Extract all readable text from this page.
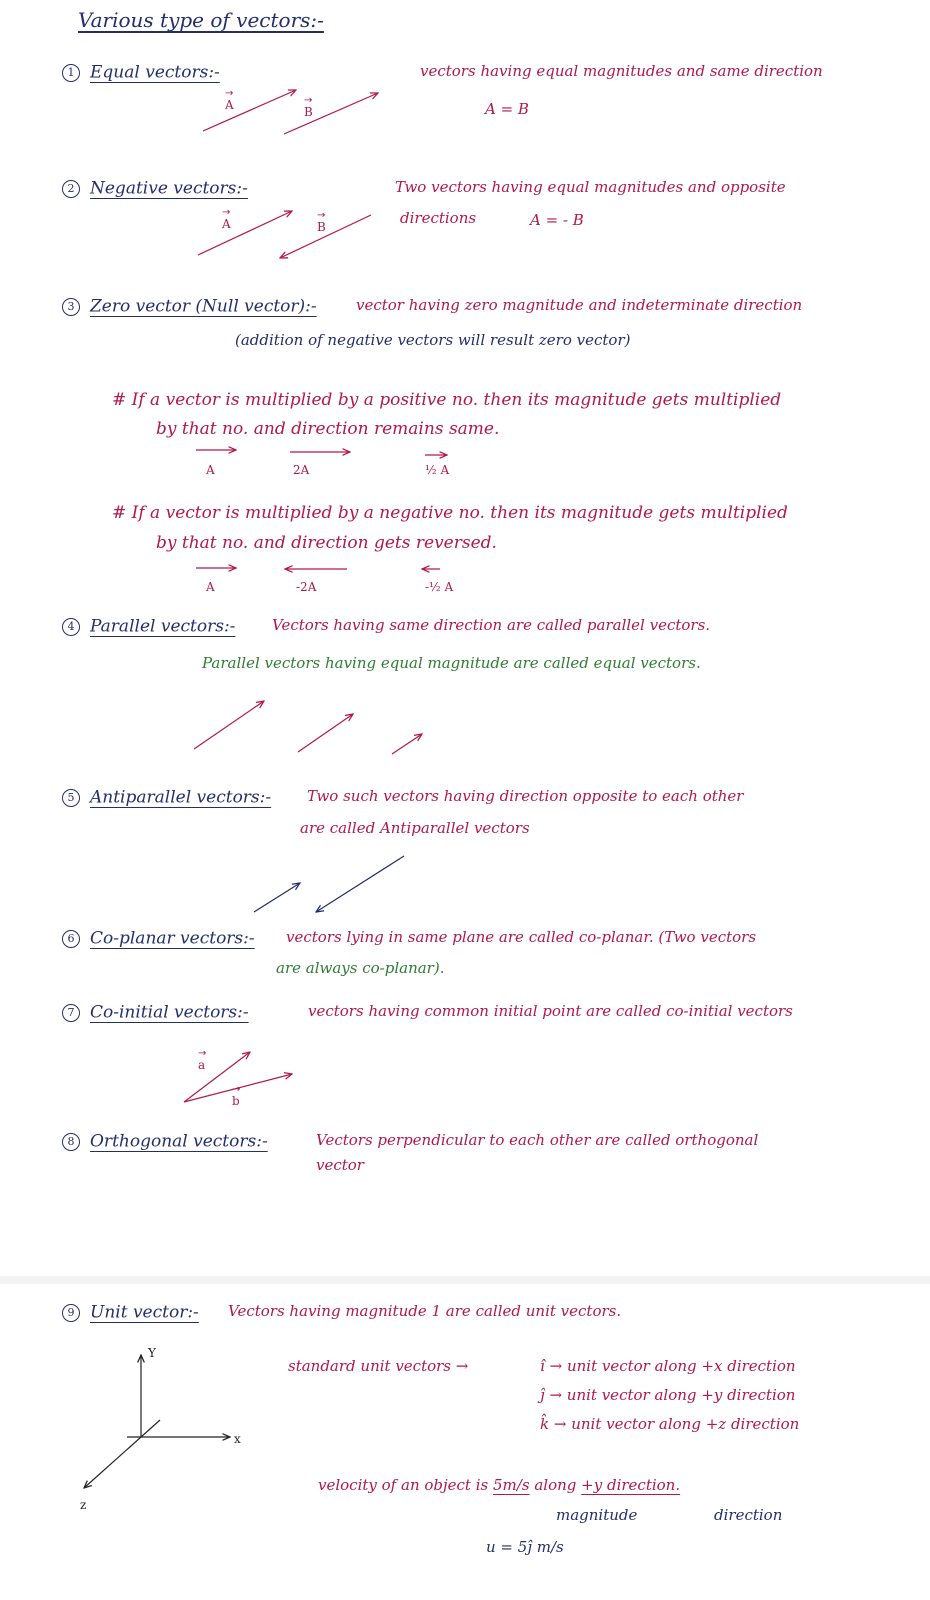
Various type of vectors:-
1 Equal vectors:-	vectors having equal magnitudes and same direction
A = B
A	B
2 Negative vectors:-	Two vectors having equal magnitudes and opposite
directions	A = - B
A	B
3 Zero vector (Null vector):-	vector having zero magnitude and indeterminate direction
(addition of negative vectors will result zero vector)
# If a vector is multiplied by a positive no. then its magnitude gets multiplied
by that no. and direction remains same.
A	2A	½ A
# If a vector is multiplied by a negative no. then its magnitude gets multiplied
by that no. and direction gets reversed.
A	-2A	-½ A
4 Parallel vectors:- Vectors having same direction are called parallel vectors.
Parallel vectors having equal magnitude are called equal vectors.
5 Antiparallel vectors:- Two such vectors having direction opposite to each other
are called Antiparallel vectors
6 Co-planar vectors:- vectors lying in same plane are called co-planar. (Two vectors
are always co-planar).
7 Co-initial vectors:-	vectors having common initial point are called co-initial vectors
a
b
8 Orthogonal vectors:-	Vectors perpendicular to each other are called orthogonal
vector
9 Unit vector:- Vectors having magnitude 1 are called unit vectors.
Y
x
z
standard unit vectors →	î → unit vector along +x direction
ĵ → unit vector along +y direction
k̂ → unit vector along +z direction
velocity of an object is 5m/s along +y direction.
magnitude	direction
u = 5ĵ m/s
→
→
→	→
→
→
